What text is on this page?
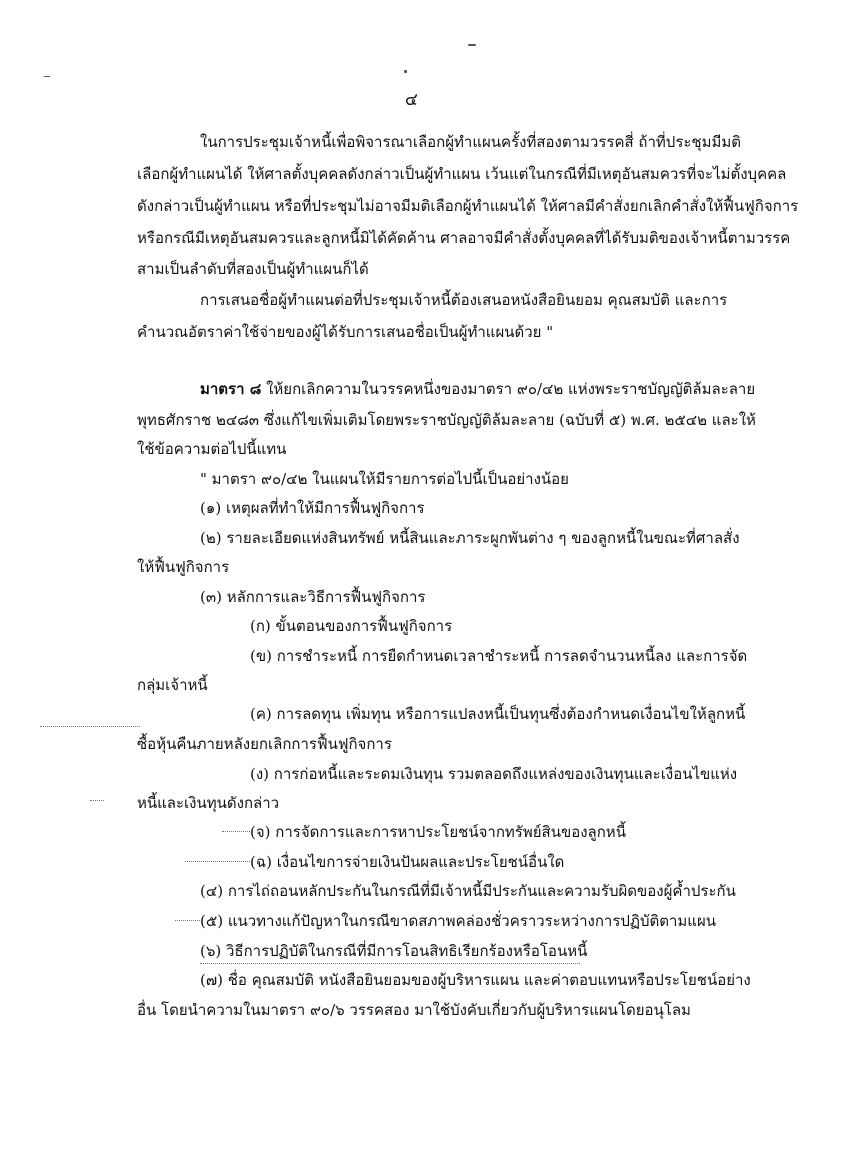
๔

ในการประชุมเจ้าหนี้เพื่อพิจารณาเลือกผู้ทำแผนครั้งที่สองตามวรรคสี่ ถ้าที่ประชุมมีมติ

เลือกผู้ทำแผนได้ ให้ศาลตั้งบุคคลดังกล่าวเป็นผู้ทำแผน เว้นแต่ในกรณีที่มีเหตุอันสมควรที่จะไม่ตั้งบุคคล

ดังกล่าวเป็นผู้ทำแผน หรือที่ประชุมไม่อาจมีมติเลือกผู้ทำแผนได้ ให้ศาลมีคำสั่งยกเลิกคำสั่งให้ฟื้นฟูกิจการ

หรือกรณีมีเหตุอันสมควรและลูกหนี้มิได้คัดค้าน ศาลอาจมีคำสั่งตั้งบุคคลที่ได้รับมติของเจ้าหนี้ตามวรรค

สามเป็นลำดับที่สองเป็นผู้ทำแผนก็ได้

การเสนอชื่อผู้ทำแผนต่อที่ประชุมเจ้าหนี้ต้องเสนอหนังสือยินยอม คุณสมบัติ และการ

คำนวณอัตราค่าใช้จ่ายของผู้ได้รับการเสนอชื่อเป็นผู้ทำแผนด้วย "

มาตรา ๘ ให้ยกเลิกความในวรรคหนึ่งของมาตรา ๙๐/๔๒ แห่งพระราชบัญญัติล้มละลาย

พุทธศักราช ๒๔๘๓ ซึ่งแก้ไขเพิ่มเติมโดยพระราชบัญญัติล้มละลาย (ฉบับที่ ๕) พ.ศ. ๒๕๔๒ และให้

ใช้ข้อความต่อไปนี้แทน

" มาตรา ๙๐/๔๒ ในแผนให้มีรายการต่อไปนี้เป็นอย่างน้อย

(๑) เหตุผลที่ทำให้มีการฟื้นฟูกิจการ

(๒) รายละเอียดแห่งสินทรัพย์ หนี้สินและภาระผูกพันต่าง ๆ ของลูกหนี้ในขณะที่ศาลสั่ง

ให้ฟื้นฟูกิจการ

(๓) หลักการและวิธีการฟื้นฟูกิจการ

(ก) ขั้นตอนของการฟื้นฟูกิจการ

(ข) การชำระหนี้ การยืดกำหนดเวลาชำระหนี้ การลดจำนวนหนี้ลง และการจัด

กลุ่มเจ้าหนี้

(ค) การลดทุน เพิ่มทุน หรือการแปลงหนี้เป็นทุนซึ่งต้องกำหนดเงื่อนไขให้ลูกหนี้

ซื้อหุ้นคืนภายหลังยกเลิกการฟื้นฟูกิจการ

(ง) การก่อหนี้และระดมเงินทุน รวมตลอดถึงแหล่งของเงินทุนและเงื่อนไขแห่ง

หนี้และเงินทุนดังกล่าว

(จ) การจัดการและการหาประโยชน์จากทรัพย์สินของลูกหนี้

(ฉ) เงื่อนไขการจ่ายเงินปันผลและประโยชน์อื่นใด

(๔) การไถ่ถอนหลักประกันในกรณีที่มีเจ้าหนี้มีประกันและความรับผิดของผู้ค้ำประกัน

(๕) แนวทางแก้ปัญหาในกรณีขาดสภาพคล่องชั่วคราวระหว่างการปฏิบัติตามแผน

(๖) วิธีการปฏิบัติในกรณีที่มีการโอนสิทธิเรียกร้องหรือโอนหนี้

(๗) ชื่อ คุณสมบัติ หนังสือยินยอมของผู้บริหารแผน และค่าตอบแทนหรือประโยชน์อย่าง

อื่น โดยนำความในมาตรา ๙๐/๖ วรรคสอง มาใช้บังคับเกี่ยวกับผู้บริหารแผนโดยอนุโลม
